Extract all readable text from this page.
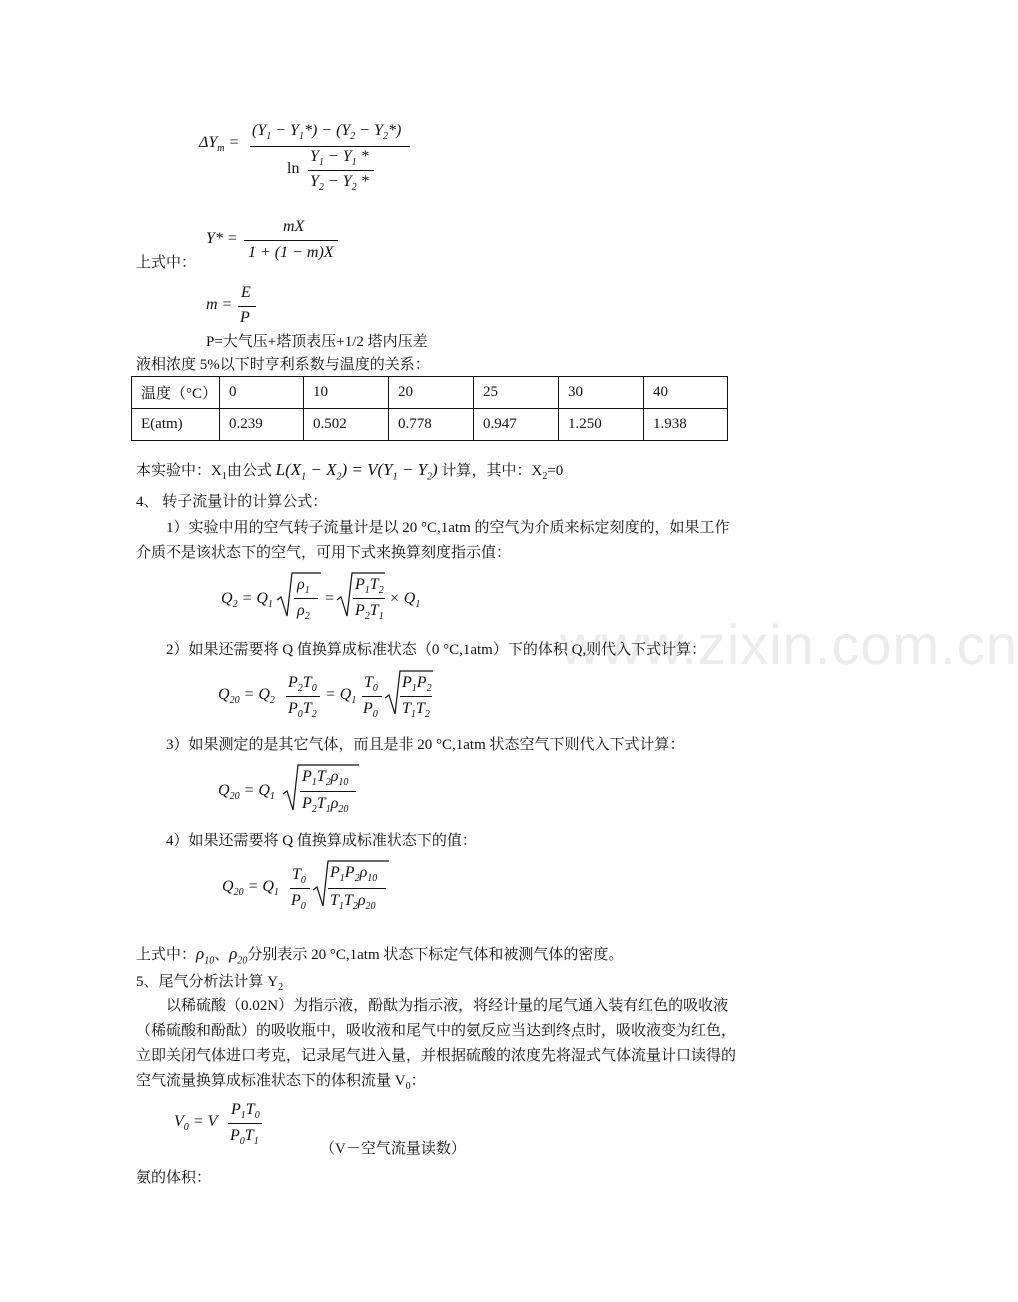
www.zixin.com.cn
$\Delta Y_m$ =
$(Y_1 - Y_1*) - (Y_2 - Y_2*)$
ln
$Y_1 - Y_1$ *
$Y_2 - Y_2$ *
Y* =
mX
1 + (1 − m)X
上式中：
m =
E
P
P=大气压+塔顶表压+1/2 塔内压差
液相浓度 5%以下时亨利系数与温度的关系：
温度（°C）	0	10	20	25	30	40
E(atm)	0.239	0.502	0.778	0.947	1.250	1.938
本实验中：$X_1$由公式 $L(X_1 - X_2) = V(Y_1 - Y_2)$ 计算，其中：$X_2=0$
4、 转子流量计的计算公式：
1）实验中用的空气转子流量计是以 20 °C,1atm 的空气为介质来标定刻度的，如果工作
介质不是该状态下的空气，可用下式来换算刻度指示值：
$Q_2 = Q_1$
$\rho_1$
$\rho_2$
=
$P_1T_2$
$P_2T_1$
× $Q_1$
2）如果还需要将 Q 值换算成标准状态（0 °C,1atm）下的体积 Q,则代入下式计算：
$Q_{20} = Q_2$
$P_2T_0$
$P_0T_2$
= $Q_1$
$T_0$
$P_0$
$P_1P_2$
$T_1T_2$
3）如果测定的是其它气体，而且是非 20 °C,1atm 状态空气下则代入下式计算：
$Q_{20} = Q_1$
$P_1T_2\rho_{10}$
$P_2T_1\rho_{20}$
4）如果还需要将 Q 值换算成标准状态下的值：
$Q_{20} = Q_1$
$T_0$
$P_0$
$P_1P_2\rho_{10}$
$T_1T_2\rho_{20}$
上式中：$\rho_{10}$、$\rho_{20}$分别表示 20 °C,1atm 状态下标定气体和被测气体的密度。
5、尾气分析法计算 $Y_2$
以稀硫酸（0.02N）为指示液，酚酞为指示液，将经计量的尾气通入装有红色的吸收液
（稀硫酸和酚酞）的吸收瓶中，吸收液和尾气中的氨反应当达到终点时，吸收液变为红色，
立即关闭气体进口考克，记录尾气进入量，并根据硫酸的浓度先将湿式气体流量计口读得的
空气流量换算成标准状态下的体积流量 $V_0$：
$V_0 = V$
$P_1T_0$
$P_0T_1$	（V－空气流量读数）
氨的体积：
